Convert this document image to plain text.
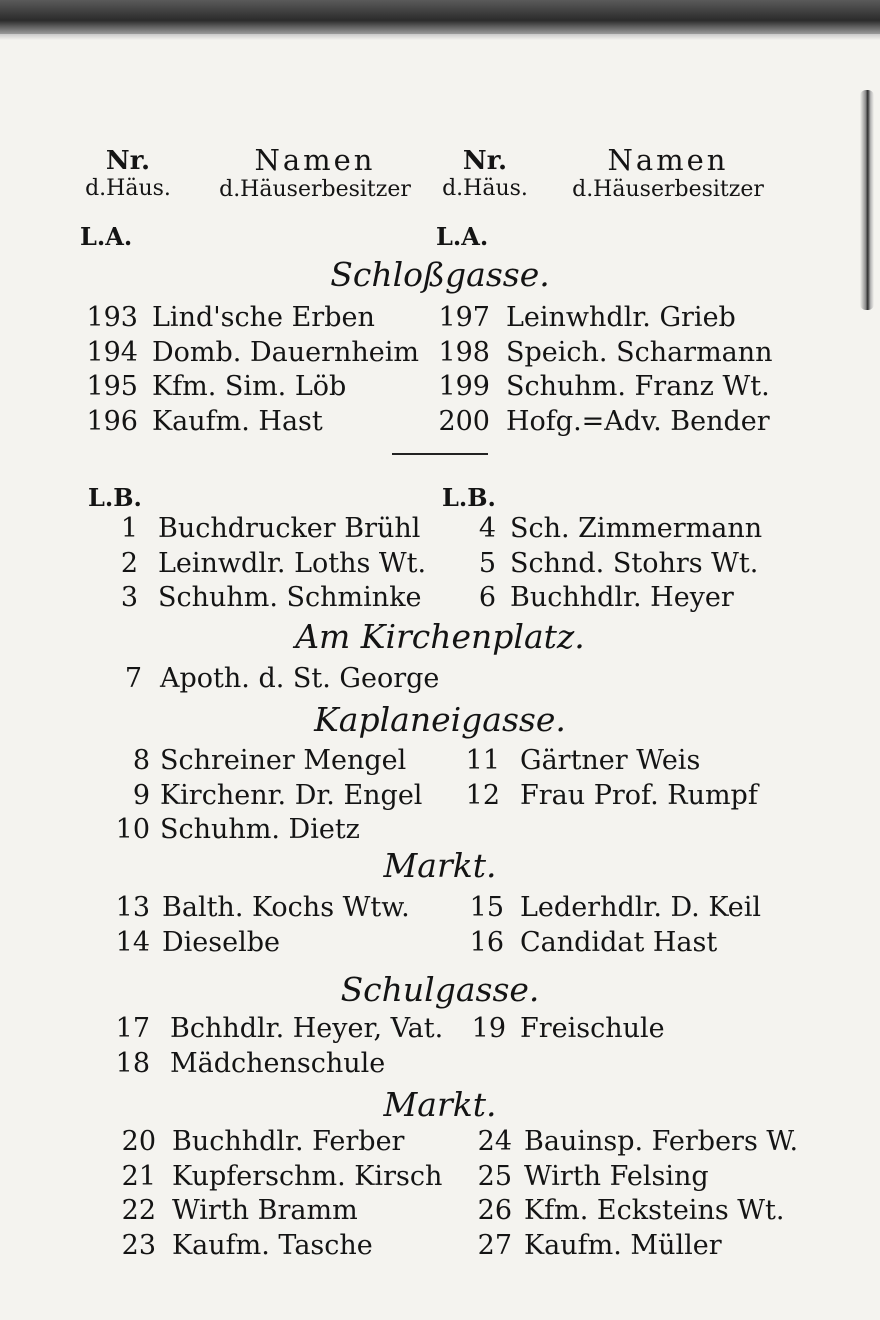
Nr.
d.Häus.
Namen
d.Häuserbesitzer
Nr.
d.Häus.
Namen
d.Häuserbesitzer
L.A.	L.A.
Schloßgasse.
193 Lind'sche Erben	197 Leinwhdlr. Grieb
194 Domb. Dauernheim 198 Speich. Scharmann
195 Kfm. Sim. Löb	199 Schuhm. Franz Wt.
196 Kaufm. Hast	200 Hofg.=Adv. Bender
L.B.	L.B.
1 Buchdrucker Brühl	4 Sch. Zimmermann
2 Leinwdlr. Loths Wt.	5 Schnd. Stohrs Wt.
3 Schuhm. Schminke	6 Buchhdlr. Heyer
Am Kirchenplatz.
7 Apoth. d. St. George
Kaplaneigasse.
8 Schreiner Mengel	11 Gärtner Weis
9 Kirchenr. Dr. Engel	12 Frau Prof. Rumpf
10 Schuhm. Dietz
Markt.
13 Balth. Kochs Wtw.	15 Lederhdlr. D. Keil
14 Dieselbe	16 Candidat Hast
Schulgasse.
17 Bchhdlr. Heyer, Vat.	19 Freischule
18 Mädchenschule
Markt.
20 Buchhdlr. Ferber	24 Bauinsp. Ferbers W.
21 Kupferschm. Kirsch	25 Wirth Felsing
22 Wirth Bramm	26 Kfm. Ecksteins Wt.
23 Kaufm. Tasche	27 Kaufm. Müller
